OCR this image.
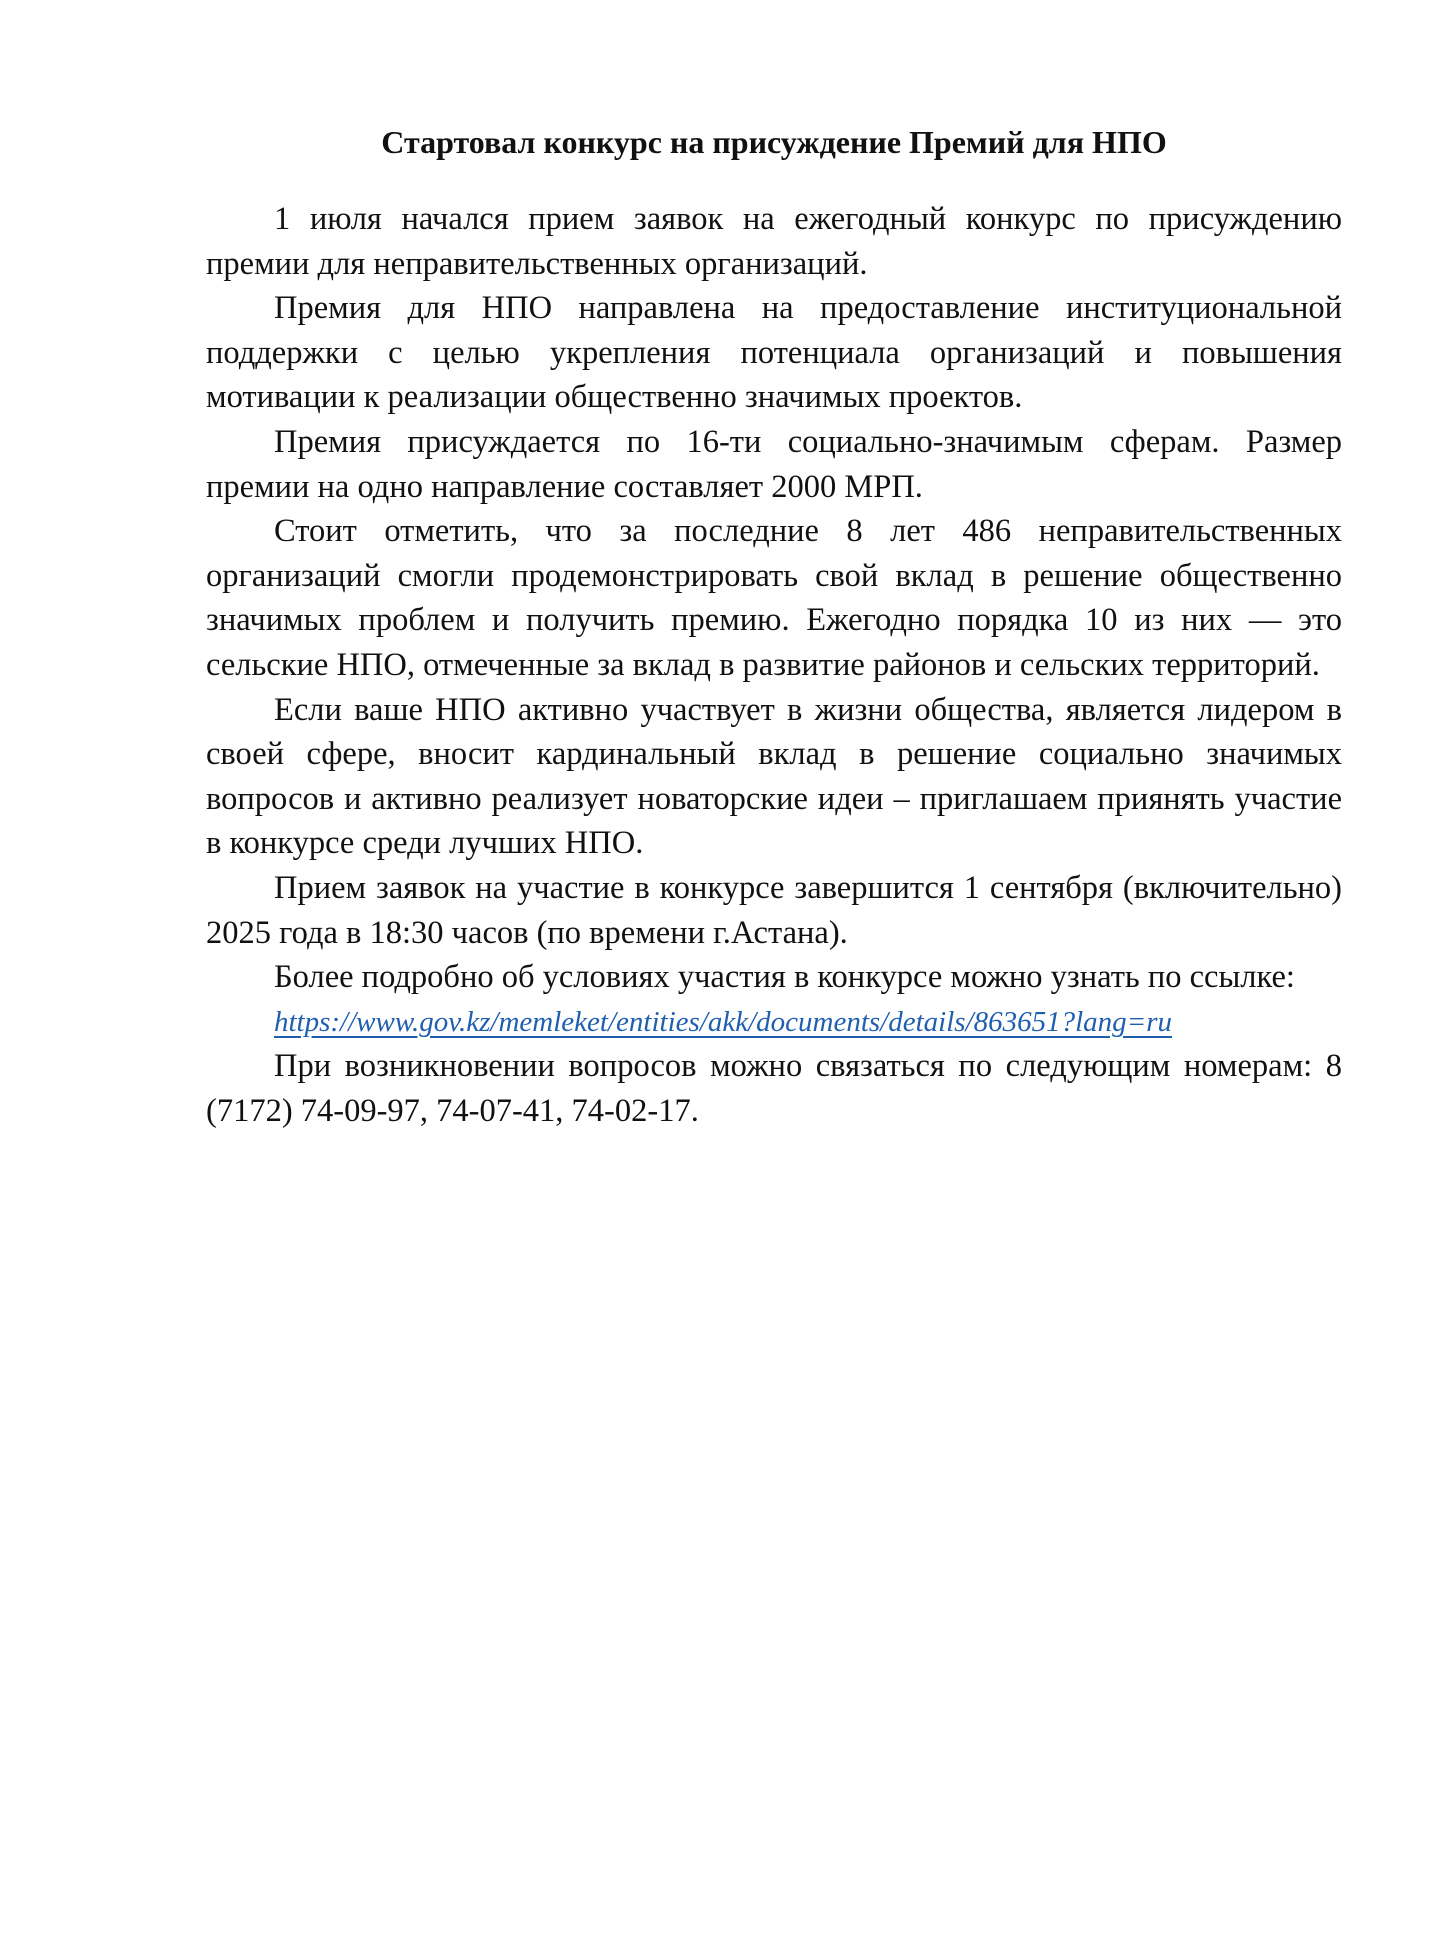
Стартовал конкурс на присуждение Премий для НПО

1 июля начался прием заявок на ежегодный конкурс по присуждению премии для неправительственных организаций.

Премия для НПО направлена на предоставление институциональной поддержки с целью укрепления потенциала организаций и повышения мотивации к реализации общественно значимых проектов.

Премия присуждается по 16-ти социально-значимым сферам. Размер премии на одно направление составляет 2000 МРП.

Стоит отметить, что за последние 8 лет 486 неправительственных организаций смогли продемонстрировать свой вклад в решение общественно значимых проблем и получить премию. Ежегодно порядка 10 из них — это сельские НПО, отмеченные за вклад в развитие районов и сельских территорий.

Если ваше НПО активно участвует в жизни общества, является лидером в своей сфере, вносит кардинальный вклад в решение социально значимых вопросов и активно реализует новаторские идеи – приглашаем приянять участие в конкурсе среди лучших НПО.

Прием заявок на участие в конкурсе завершится 1 сентября (включительно) 2025 года в 18:30 часов (по времени г.Астана).

Более подробно об условиях участия в конкурсе можно узнать по ссылке:
https://www.gov.kz/memleket/entities/akk/documents/details/863651?lang=ru

При возникновении вопросов можно связаться по следующим номерам: 8 (7172) 74-09-97, 74-07-41, 74-02-17.
